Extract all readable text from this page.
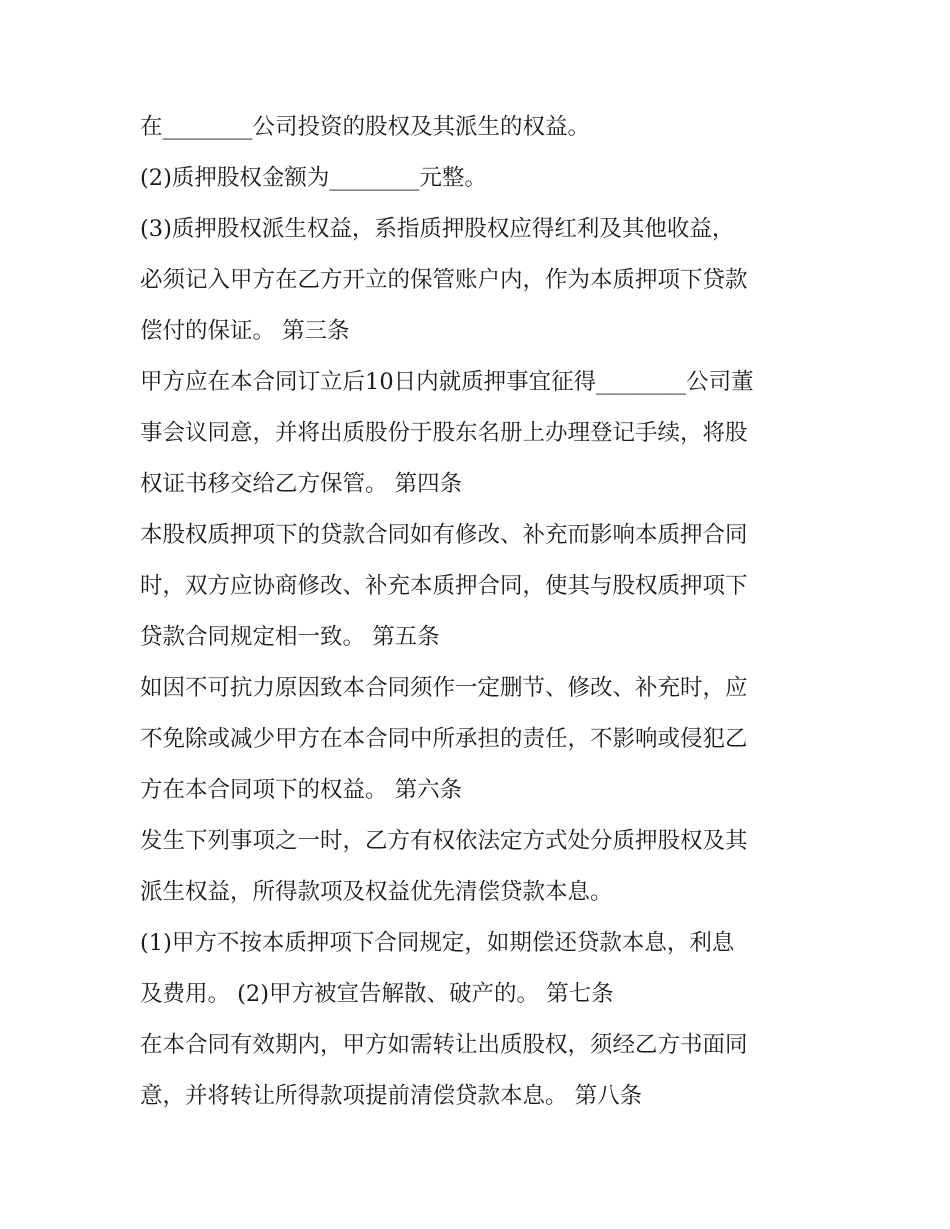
在________公司投资的股权及其派生的权益。
(2)质押股权金额为________元整。
(3)质押股权派生权益，系指质押股权应得红利及其他收益，
必须记入甲方在乙方开立的保管账户内，作为本质押项下贷款
偿付的保证。 第三条
甲方应在本合同订立后10日内就质押事宜征得________公司董
事会议同意，并将出质股份于股东名册上办理登记手续，将股
权证书移交给乙方保管。 第四条
本股权质押项下的贷款合同如有修改、补充而影响本质押合同
时，双方应协商修改、补充本质押合同，使其与股权质押项下
贷款合同规定相一致。 第五条
如因不可抗力原因致本合同须作一定删节、修改、补充时，应
不免除或减少甲方在本合同中所承担的责任，不影响或侵犯乙
方在本合同项下的权益。 第六条
发生下列事项之一时，乙方有权依法定方式处分质押股权及其
派生权益，所得款项及权益优先清偿贷款本息。
(1)甲方不按本质押项下合同规定，如期偿还贷款本息，利息
及费用。 (2)甲方被宣告解散、破产的。 第七条
在本合同有效期内，甲方如需转让出质股权，须经乙方书面同
意，并将转让所得款项提前清偿贷款本息。 第八条
